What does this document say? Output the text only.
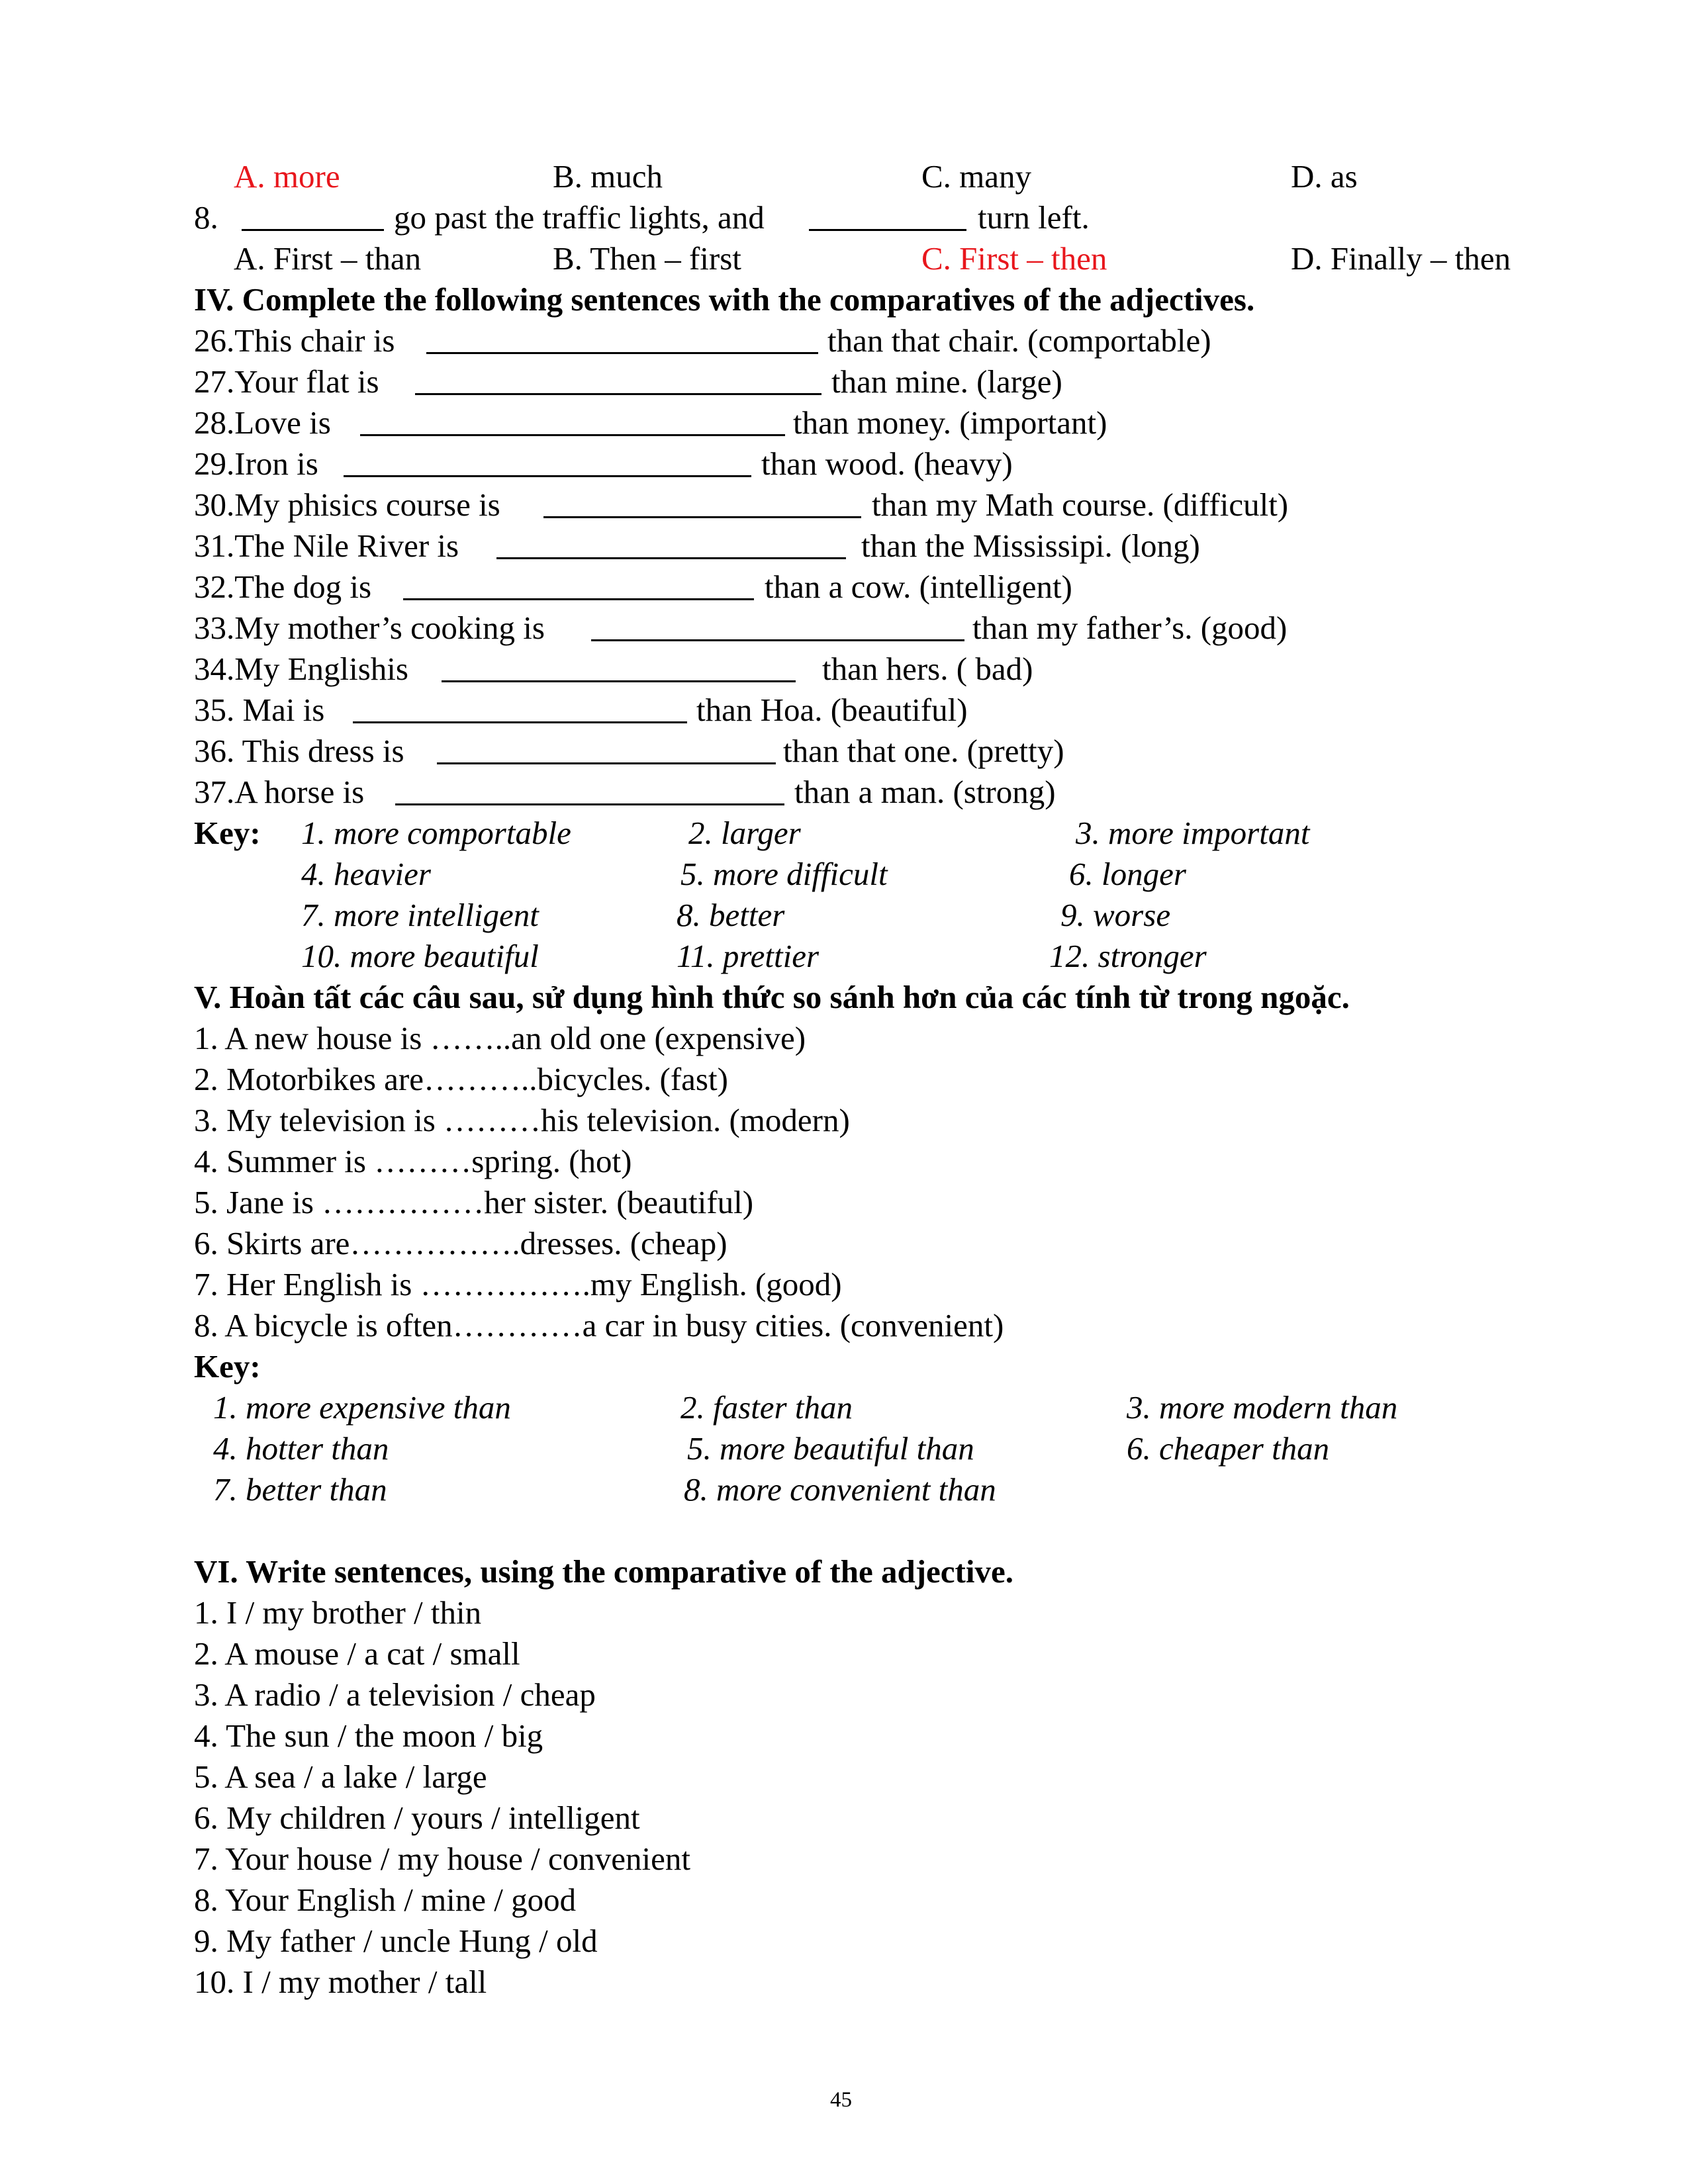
A. more	B. much	C. many	D. as
8.	go past the traffic lights, and	turn left.
A. First – than	B. Then – first	C. First – then	D. Finally – then
IV. Complete the following sentences with the comparatives of the adjectives.
26.This chair is	than that chair. (comportable)
27.Your flat is	than mine. (large)
28.Love is	than money. (important)
29.Iron is	than wood. (heavy)
30.My phisics course is	than my Math course. (difficult)
31.The Nile River is	than the Mississipi. (long)
32.The dog is	than a cow. (intelligent)
33.My mother’s cooking is	than my father’s. (good)
34.My Englishis	than hers. ( bad)
35. Mai is	than Hoa. (beautiful)
36. This dress is	than that one. (pretty)
37.A horse is	than a man. (strong)
Key: 1. more comportable	2. larger	3. more important
4. heavier	5. more difficult	6. longer
7. more intelligent	8. better	9. worse
10. more beautiful	11. prettier	12. stronger
V. Hoàn tất các câu sau, sử dụng hình thức so sánh hơn của các tính từ trong ngoặc.
1. A new house is ……..an old one (expensive)
2. Motorbikes are………..bicycles. (fast)
3. My television is ………his television. (modern)
4. Summer is ………spring. (hot)
5. Jane is ……………her sister. (beautiful)
6. Skirts are…………….dresses. (cheap)
7. Her English is …………….my English. (good)
8. A bicycle is often…………a car in busy cities. (convenient)
Key:
1. more expensive than	2. faster than	3. more modern than
4. hotter than	5. more beautiful than	6. cheaper than
7. better than	8. more convenient than
VI. Write sentences, using the comparative of the adjective.
1. I / my brother / thin
2. A mouse / a cat / small
3. A radio / a television / cheap
4. The sun / the moon / big
5. A sea / a lake / large
6. My children / yours / intelligent
7. Your house / my house / convenient
8. Your English / mine / good
9. My father / uncle Hung / old
10. I / my mother / tall
45
